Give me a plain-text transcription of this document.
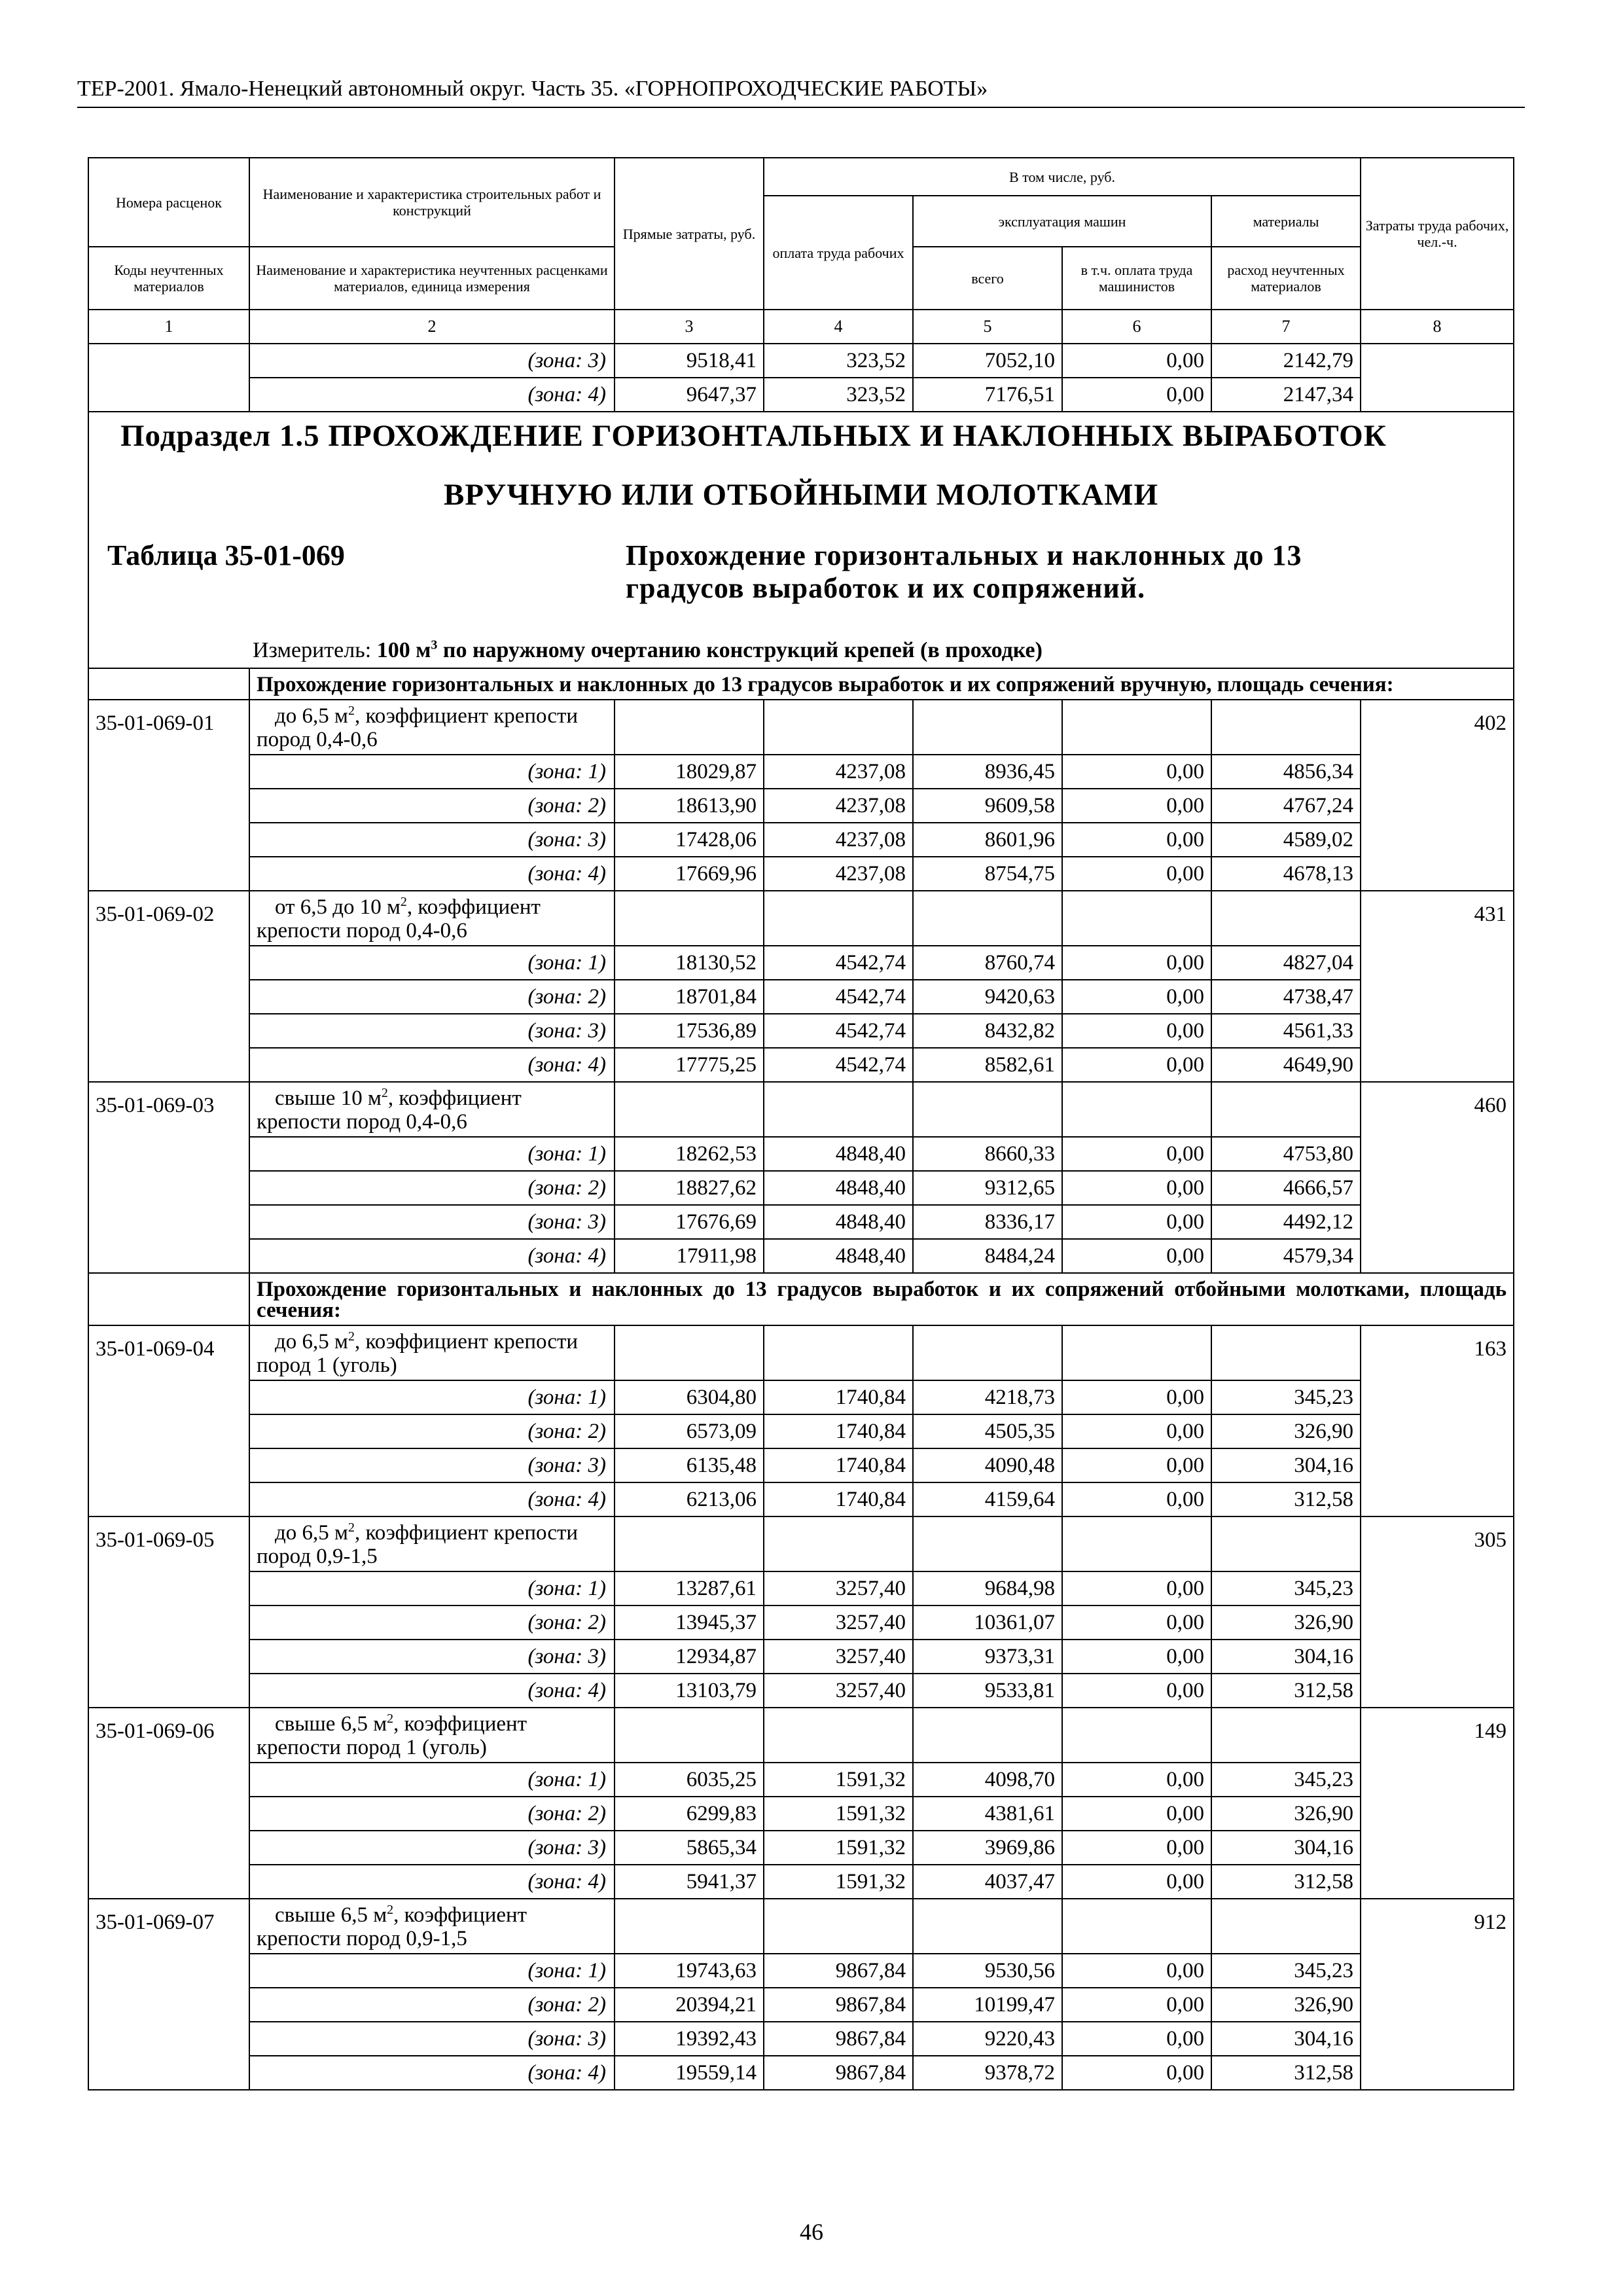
ТЕР-2001. Ямало-Ненецкий автономный округ. Часть 35. «ГОРНОПРОХОДЧЕСКИЕ РАБОТЫ»
Номера расценок	Наименование и характеристика строительных работ и конструкций	Прямые затраты, руб.	В том числе, руб.				Затраты труда рабочих, чел.-ч.
			оплата труда рабочих	эксплуатация машин		материалы	
Коды неучтенных материалов	Наименование и характеристика неучтенных расценками материалов, единица измерения			всего	в т.ч. оплата труда машинистов	расход неучтенных материалов	
1	2	3	4	5	6	7	8
	(зона: 3)	9518,41	323,52	7052,10	0,00	2142,79	
	(зона: 4)	9647,37	323,52	7176,51	0,00	2147,34	

Подраздел 1.5 ПРОХОЖДЕНИЕ ГОРИЗОНТАЛЬНЫХ И НАКЛОННЫХ ВЫРАБОТОК
ВРУЧНУЮ ИЛИ ОТБОЙНЫМИ МОЛОТКАМИ
Таблица 35-01-069 Прохождение горизонтальных и наклонных до 13 градусов выработок и их сопряжений.
Измеритель: 100 $м^3$ по наружному очертанию конструкций крепей (в проходке)							

	Прохождение горизонтальных и наклонных до 13 градусов выработок и их сопряжений вручную, площадь сечения:						
35-01-069-01	до 6,5 $м^2$, коэффициент крепости пород 0,4-0,6						402
	(зона: 1)	18029,87	4237,08	8936,45	0,00	4856,34	
	(зона: 2)	18613,90	4237,08	9609,58	0,00	4767,24	
	(зона: 3)	17428,06	4237,08	8601,96	0,00	4589,02	
	(зона: 4)	17669,96	4237,08	8754,75	0,00	4678,13	
35-01-069-02	от 6,5 до 10 $м^2$, коэффициент крепости пород 0,4-0,6						431
	(зона: 1)	18130,52	4542,74	8760,74	0,00	4827,04	
	(зона: 2)	18701,84	4542,74	9420,63	0,00	4738,47	
	(зона: 3)	17536,89	4542,74	8432,82	0,00	4561,33	
	(зона: 4)	17775,25	4542,74	8582,61	0,00	4649,90	
35-01-069-03	свыше 10 $м^2$, коэффициент крепости пород 0,4-0,6						460
	(зона: 1)	18262,53	4848,40	8660,33	0,00	4753,80	
	(зона: 2)	18827,62	4848,40	9312,65	0,00	4666,57	
	(зона: 3)	17676,69	4848,40	8336,17	0,00	4492,12	
	(зона: 4)	17911,98	4848,40	8484,24	0,00	4579,34	
	Прохождение горизонтальных и наклонных до 13 градусов выработок и их сопряжений отбойными молотками, площадь сечения:						
35-01-069-04	до 6,5 $м^2$, коэффициент крепости пород 1 (уголь)						163
	(зона: 1)	6304,80	1740,84	4218,73	0,00	345,23	
	(зона: 2)	6573,09	1740,84	4505,35	0,00	326,90	
	(зона: 3)	6135,48	1740,84	4090,48	0,00	304,16	
	(зона: 4)	6213,06	1740,84	4159,64	0,00	312,58	
35-01-069-05	до 6,5 $м^2$, коэффициент крепости пород 0,9-1,5						305
	(зона: 1)	13287,61	3257,40	9684,98	0,00	345,23	
	(зона: 2)	13945,37	3257,40	10361,07	0,00	326,90	
	(зона: 3)	12934,87	3257,40	9373,31	0,00	304,16	
	(зона: 4)	13103,79	3257,40	9533,81	0,00	312,58	
35-01-069-06	свыше 6,5 $м^2$, коэффициент крепости пород 1 (уголь)						149
	(зона: 1)	6035,25	1591,32	4098,70	0,00	345,23	
	(зона: 2)	6299,83	1591,32	4381,61	0,00	326,90	
	(зона: 3)	5865,34	1591,32	3969,86	0,00	304,16	
	(зона: 4)	5941,37	1591,32	4037,47	0,00	312,58	
35-01-069-07	свыше 6,5 $м^2$, коэффициент крепости пород 0,9-1,5						912
	(зона: 1)	19743,63	9867,84	9530,56	0,00	345,23	
	(зона: 2)	20394,21	9867,84	10199,47	0,00	326,90	
	(зона: 3)	19392,43	9867,84	9220,43	0,00	304,16	
	(зона: 4)	19559,14	9867,84	9378,72	0,00	312,58	
46
